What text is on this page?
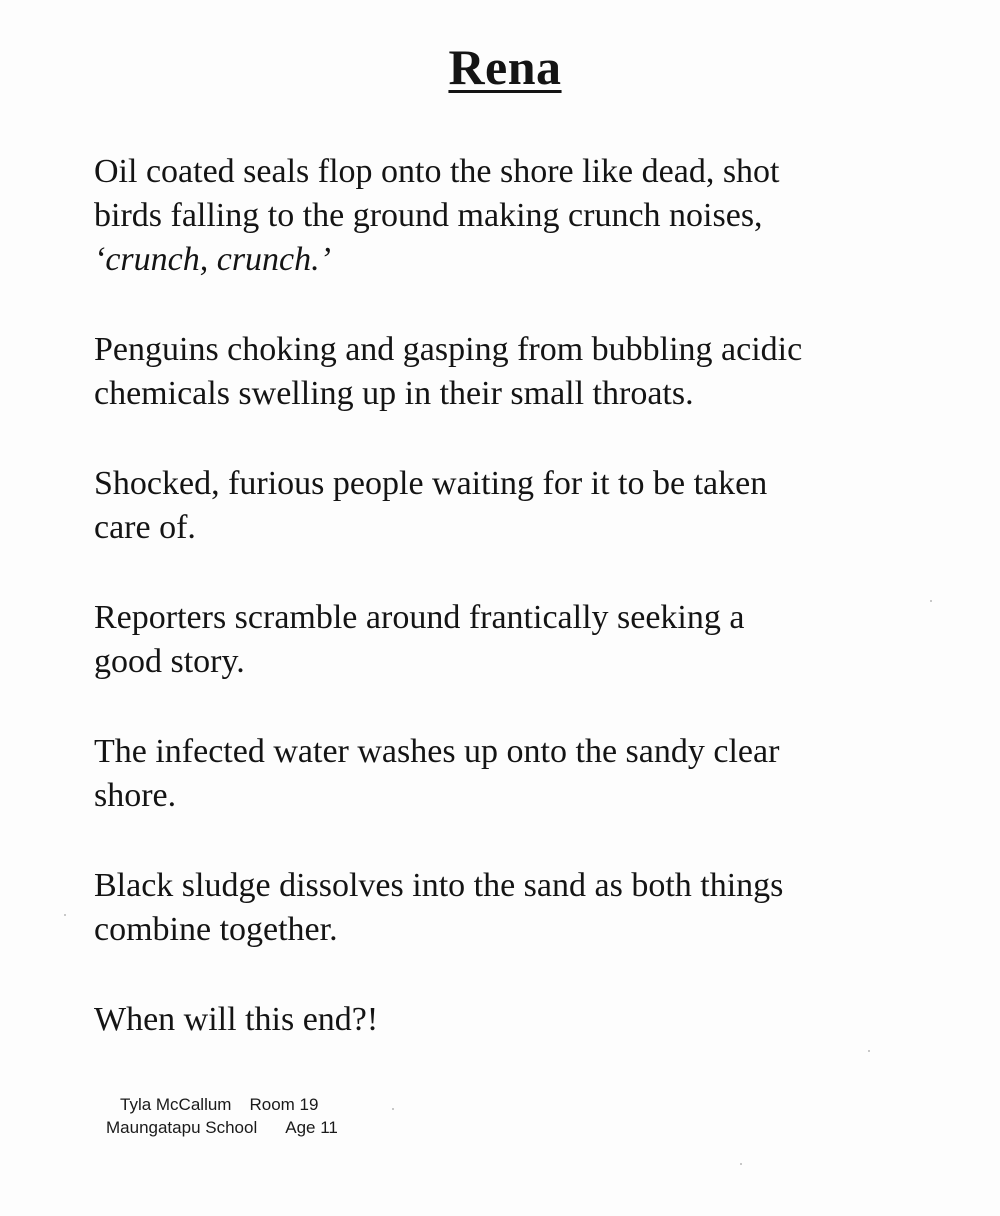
Rena
Oil coated seals flop onto the shore like dead, shot
birds falling to the ground making crunch noises,
‘crunch, crunch.’
Penguins choking and gasping from bubbling acidic
chemicals swelling up in their small throats.
Shocked, furious people waiting for it to be taken
care of.
Reporters scramble around frantically seeking a
good story.
The infected water washes up onto the sandy clear
shore.
Black sludge dissolves into the sand as both things
combine together.
When will this end?!
Tyla McCallum Room 19
Maungatapu School Age 11
